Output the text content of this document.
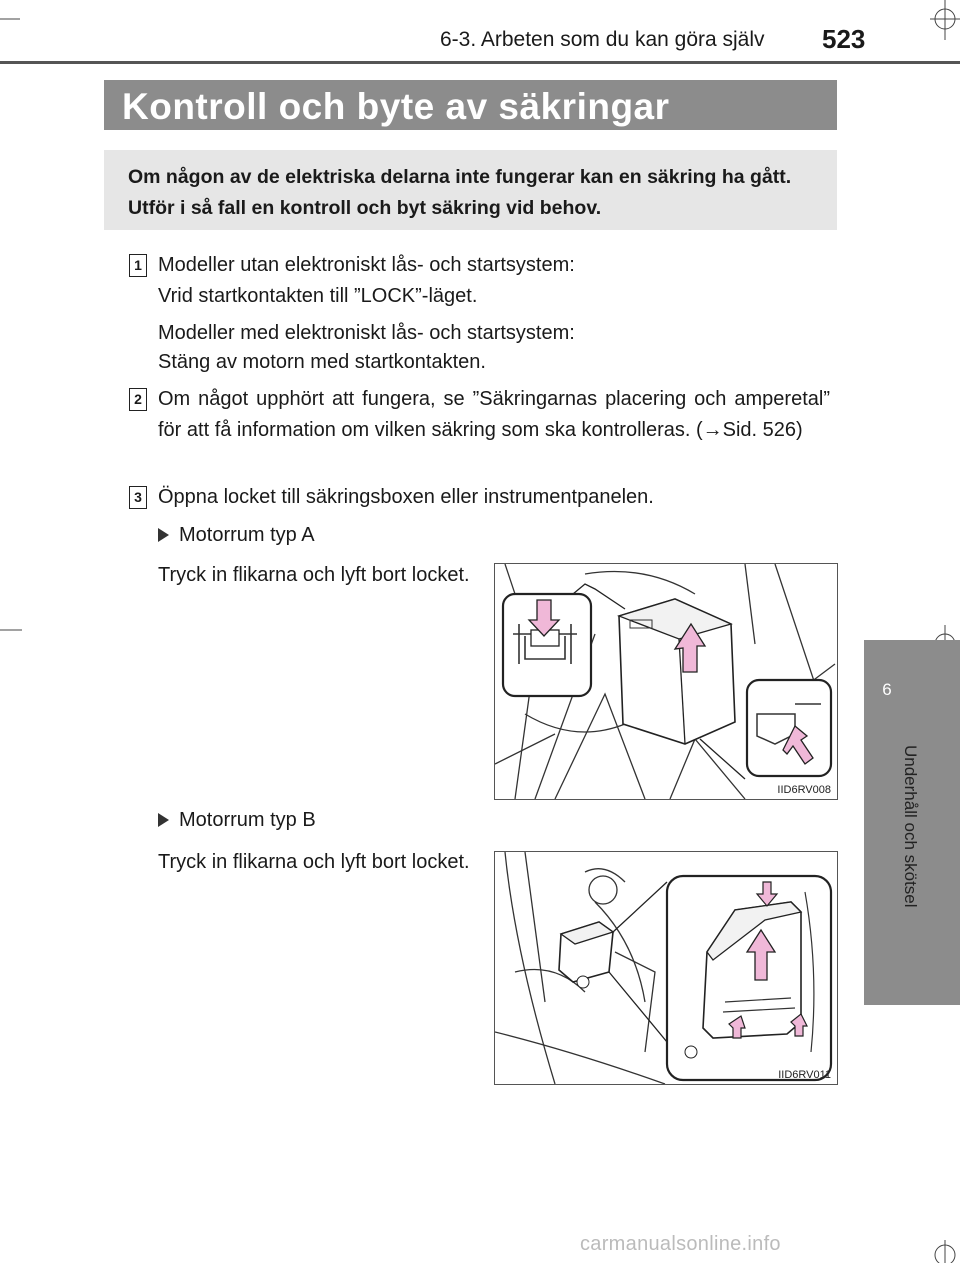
6-3. Arbeten som du kan göra själv 523
Kontroll och byte av säkringar
Om någon av de elektriska delarna inte fungerar kan en säkring ha gått. Utför i så fall en kontroll och byt säkring vid behov.
1 Modeller utan elektroniskt lås- och startsystem:
Vrid startkontakten till ”LOCK”-läget.
Modeller med elektroniskt lås- och startsystem:
Stäng av motorn med startkontakten.
2 Om något upphört att fungera, se ”Säkringarnas placering och amperetal” för att få information om vilken säkring som ska kontrolleras. (→Sid. 526)
3 Öppna locket till säkringsboxen eller instrumentpanelen.
Motorrum typ A
Tryck in flikarna och lyft bort locket.
IID6RV008
Motorrum typ B
Tryck in flikarna och lyft bort locket.
IID6RV011
6
Underhåll och skötsel
carmanualsonline.info
